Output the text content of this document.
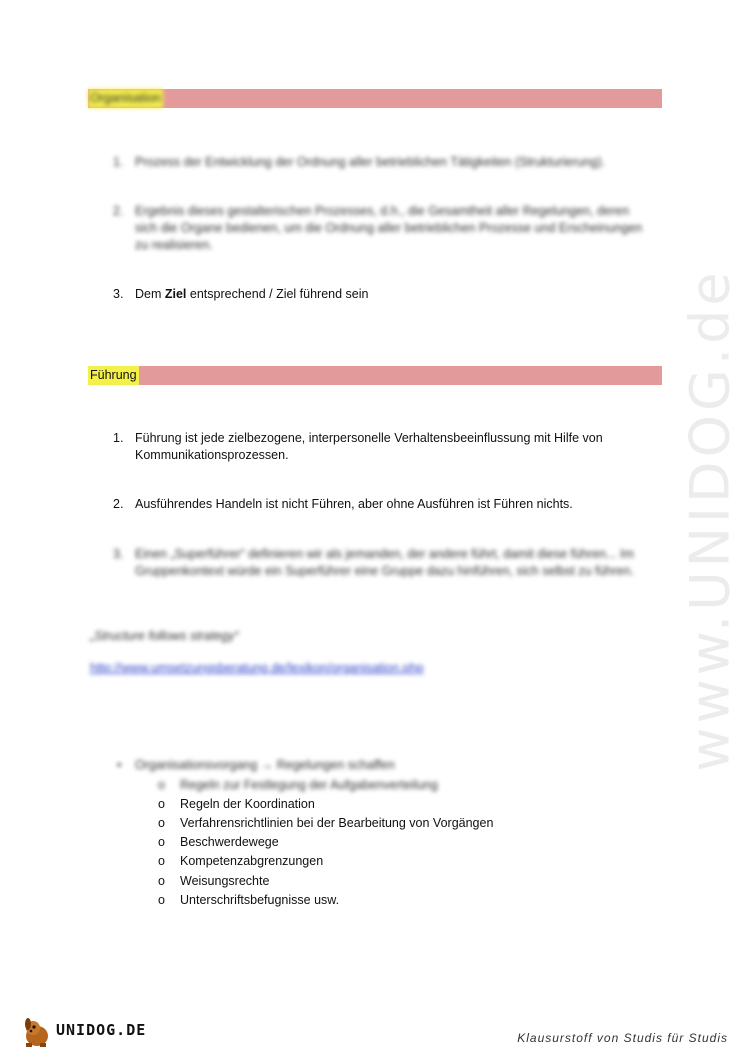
Organisation
1. Prozess der Entwicklung der Ordnung aller betrieblichen Tätigkeiten (Strukturierung).
2. Ergebnis dieses gestalterischen Prozesses, d.h., die Gesamtheit aller Regelungen, deren sich die Organe bedienen, um die Ordnung aller betrieblichen Prozesse und Erscheinungen zu realisieren.
3. Dem Ziel entsprechend / Ziel führend sein
Führung
1. Führung ist jede zielbezogene, interpersonelle Verhaltensbeeinflussung mit Hilfe von Kommunikationsprozessen.
2. Ausführendes Handeln ist nicht Führen, aber ohne Ausführen ist Führen nichts.
3. Einen „Superführer“ definieren wir als jemanden, der andere führt, damit diese führen... Im Gruppenkontext würde ein Superführer eine Gruppe dazu hinführen, sich selbst zu führen.
„Structure follows strategy“
http://www.umsetzungsberatung.de/lexikon/organisation.php
• Organisationsvorgang → Regelungen schaffen
o Regeln zur Festlegung der Aufgabenverteilung
o Regeln der Koordination
o Verfahrensrichtlinien bei der Bearbeitung von Vorgängen
o Beschwerdewege
o Kompetenzabgrenzungen
o Weisungsrechte
o Unterschriftsbefugnisse usw.
www.UNIDOG.de
UNIDOG.DE	Klausurstoff von Studis für Studis
